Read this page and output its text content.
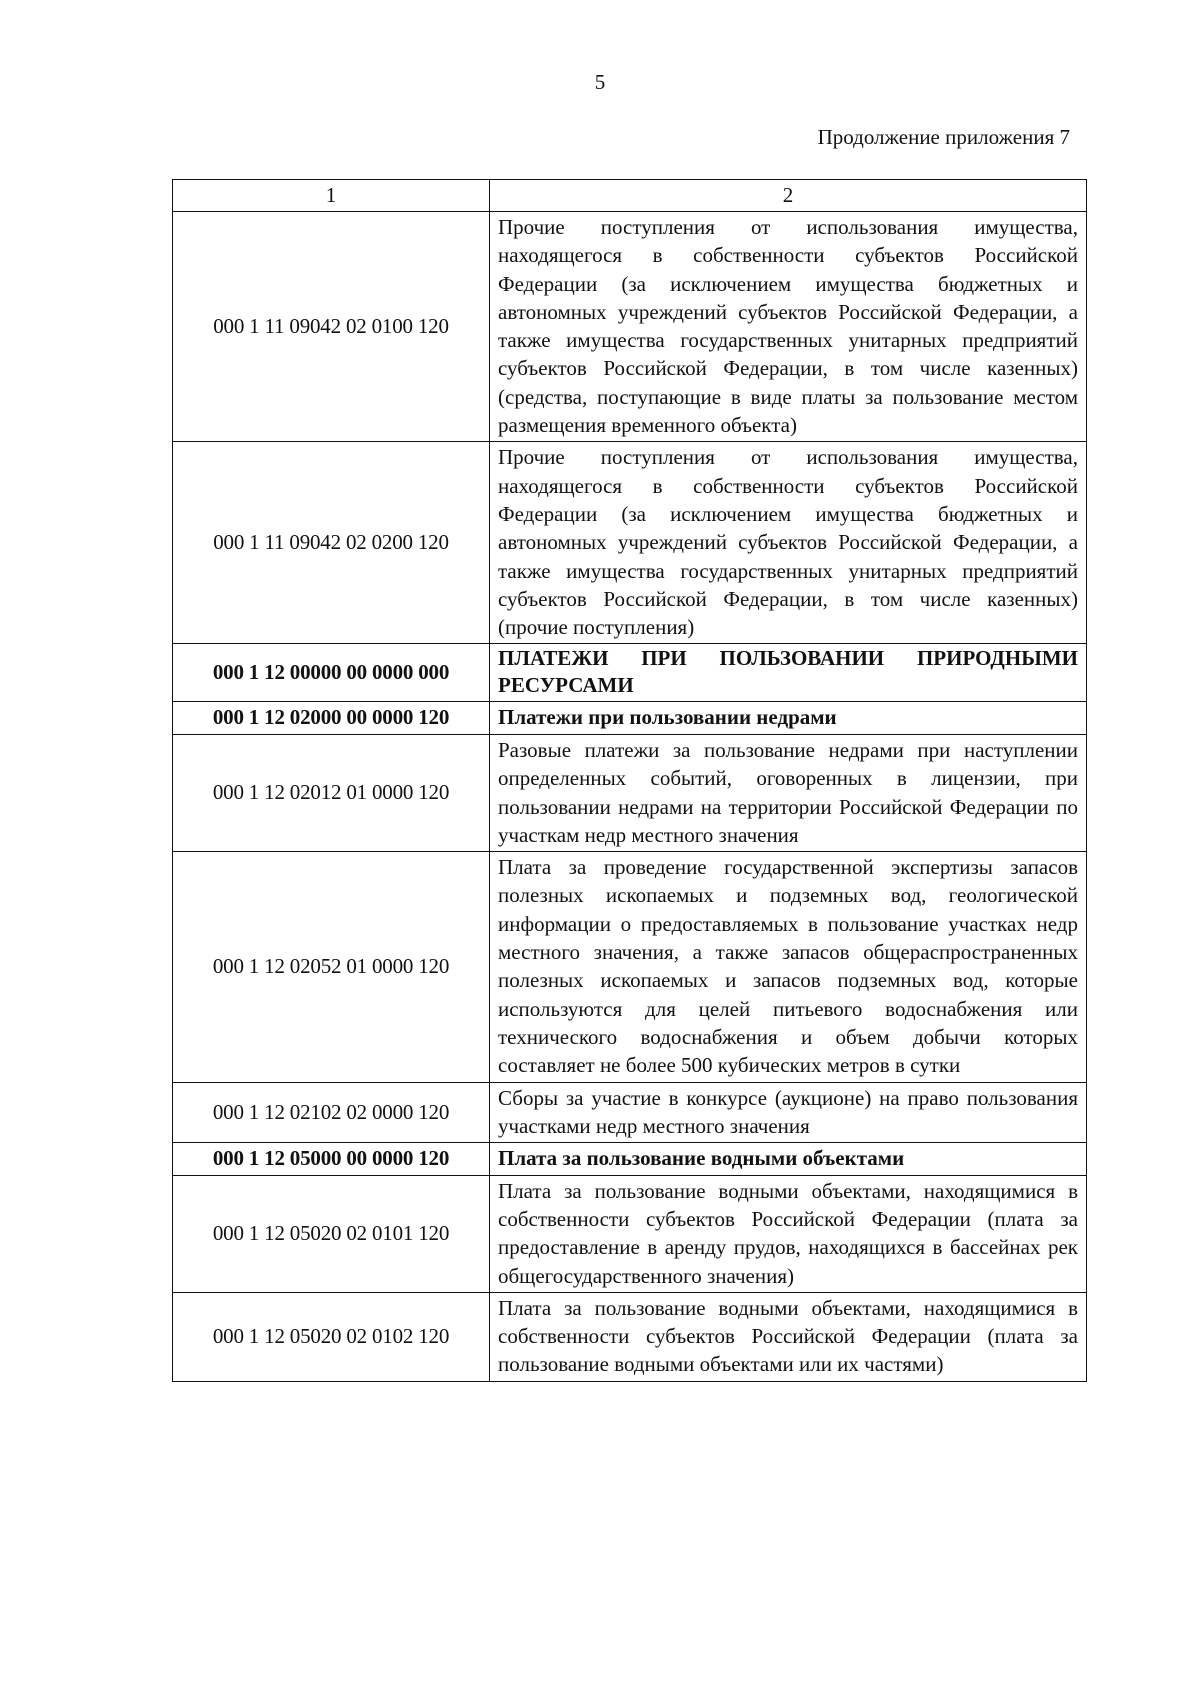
5
Продолжение приложения 7
1	2
000 1 11 09042 02 0100 120	Прочие поступления от использования имущества, находящегося в собственности субъектов Российской Федерации (за исключением имущества бюджетных и автономных учреждений субъектов Российской Федерации, а также имущества государственных унитарных предприятий субъектов Российской Федерации, в том числе казенных) (средства, поступающие в виде платы за пользование местом размещения временного объекта)
000 1 11 09042 02 0200 120	Прочие поступления от использования имущества, находящегося в собственности субъектов Российской Федерации (за исключением имущества бюджетных и автономных учреждений субъектов Российской Федерации, а также имущества государственных унитарных предприятий субъектов Российской Федерации, в том числе казенных) (прочие поступления)
000 1 12 00000 00 0000 000	ПЛАТЕЖИ ПРИ ПОЛЬЗОВАНИИ ПРИРОДНЫМИ РЕСУРСАМИ
000 1 12 02000 00 0000 120	Платежи при пользовании недрами
000 1 12 02012 01 0000 120	Разовые платежи за пользование недрами при наступлении определенных событий, оговоренных в лицензии, при пользовании недрами на территории Российской Федерации по участкам недр местного значения
000 1 12 02052 01 0000 120	Плата за проведение государственной экспертизы запасов полезных ископаемых и подземных вод, геологической информации о предоставляемых в пользование участках недр местного значения, а также запасов общераспространенных полезных ископаемых и запасов подземных вод, которые используются для целей питьевого водоснабжения или технического водоснабжения и объем добычи которых составляет не более 500 кубических метров в сутки
000 1 12 02102 02 0000 120	Сборы за участие в конкурсе (аукционе) на право пользования участками недр местного значения
000 1 12 05000 00 0000 120	Плата за пользование водными объектами
000 1 12 05020 02 0101 120	Плата за пользование водными объектами, находящимися в собственности субъектов Российской Федерации (плата за предоставление в аренду прудов, находящихся в бассейнах рек общегосударственного значения)
000 1 12 05020 02 0102 120	Плата за пользование водными объектами, находящимися в собственности субъектов Российской Федерации (плата за пользование водными объектами или их частями)
